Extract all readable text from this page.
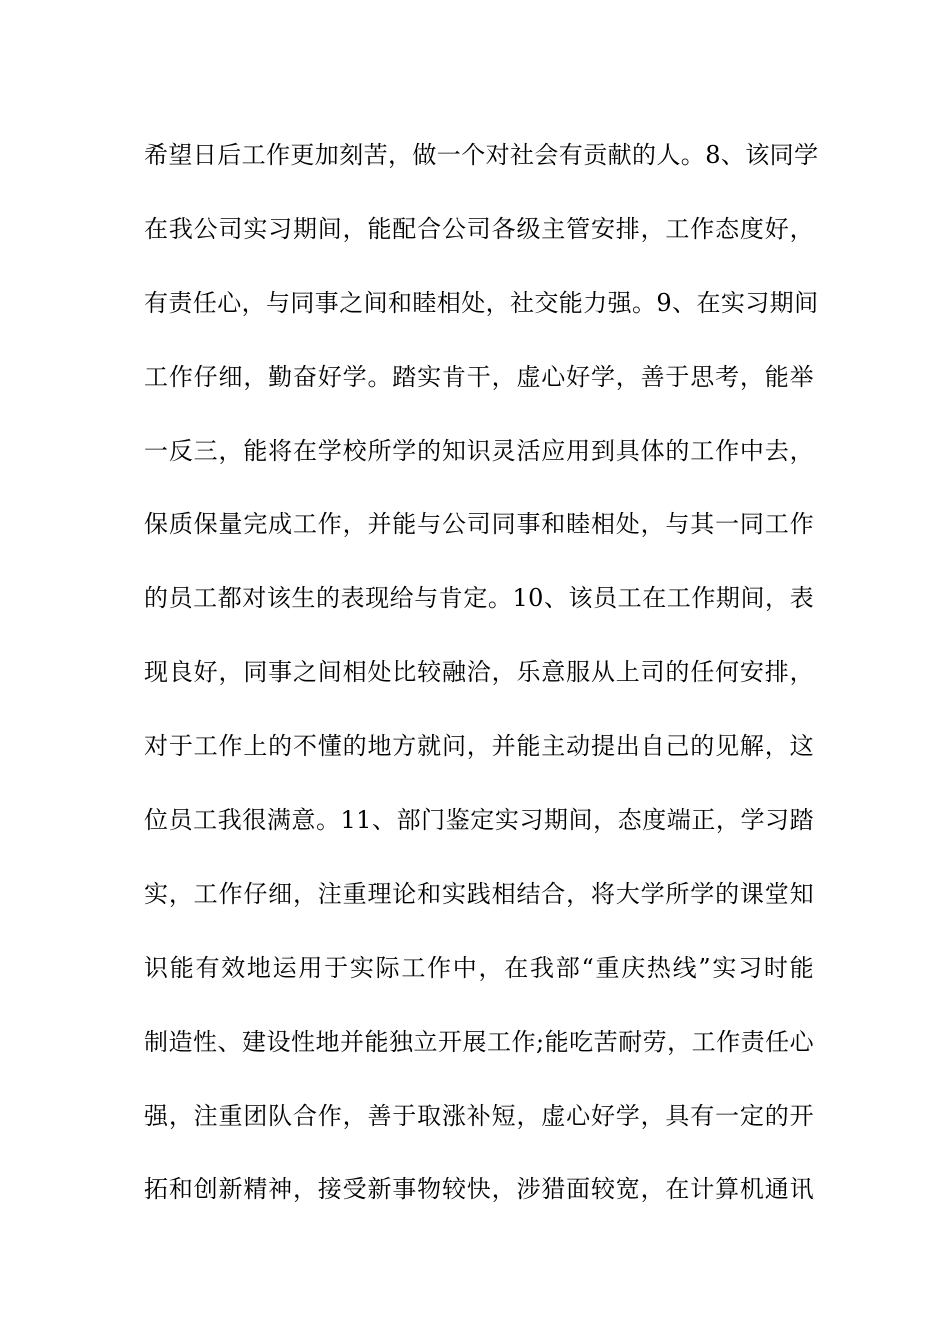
希望日后工作更加刻苦，做一个对社会有贡献的人。8、该同学
在我公司实习期间，能配合公司各级主管安排，工作态度好，
有责任心，与同事之间和睦相处，社交能力强。9、在实习期间
工作仔细，勤奋好学。踏实肯干，虚心好学，善于思考，能举
一反三，能将在学校所学的知识灵活应用到具体的工作中去，
保质保量完成工作，并能与公司同事和睦相处，与其一同工作
的员工都对该生的表现给与肯定。10、该员工在工作期间，表
现良好，同事之间相处比较融洽，乐意服从上司的任何安排，
对于工作上的不懂的地方就问，并能主动提出自己的见解，这
位员工我很满意。11、部门鉴定实习期间，态度端正，学习踏
实，工作仔细，注重理论和实践相结合，将大学所学的课堂知
识能有效地运用于实际工作中，在我部“重庆热线”实习时能
制造性、建设性地并能独立开展工作;能吃苦耐劳，工作责任心
强，注重团队合作，善于取涨补短，虚心好学，具有一定的开
拓和创新精神，接受新事物较快，涉猎面较宽，在计算机通讯
